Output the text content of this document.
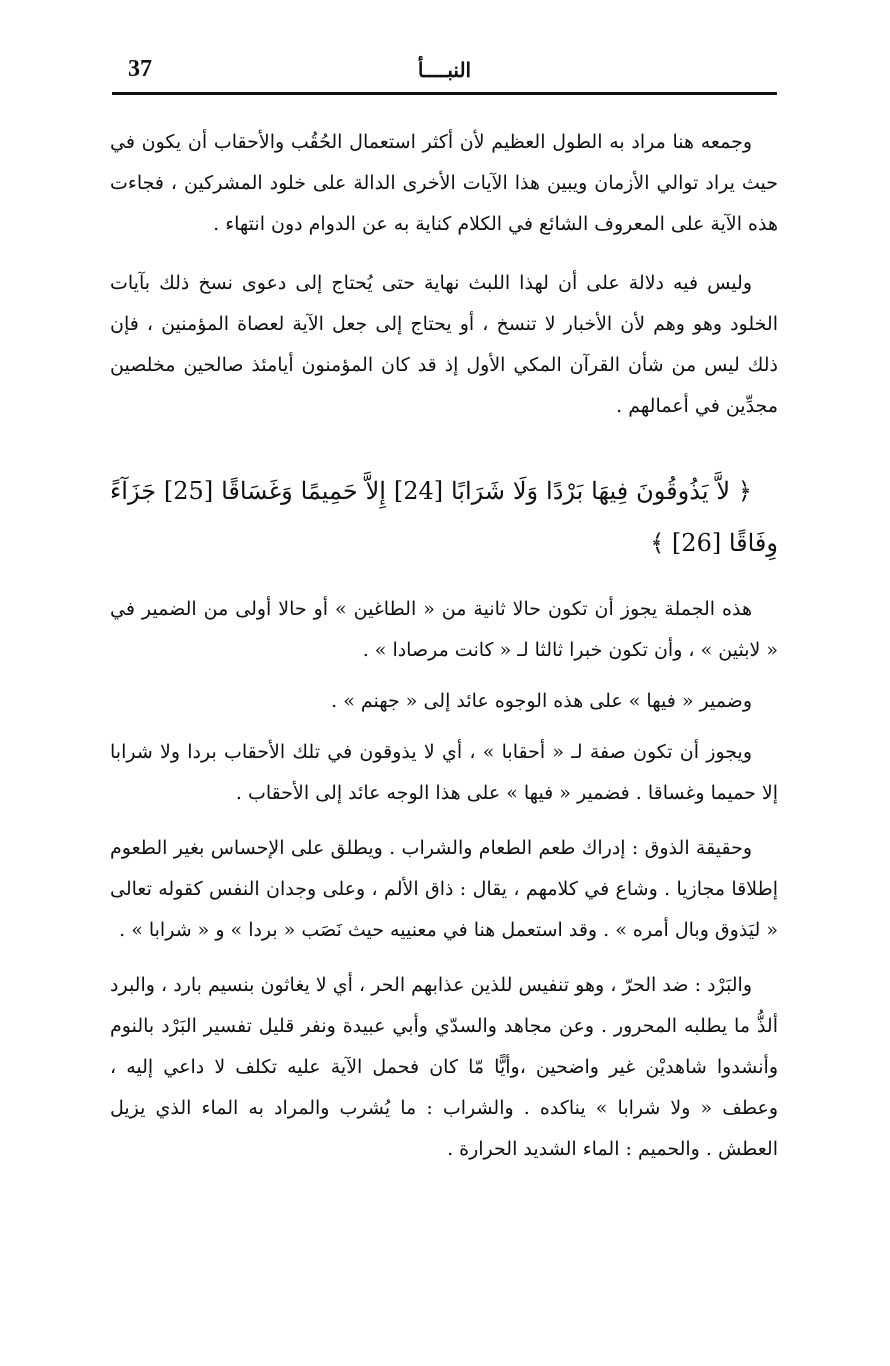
37	النبــــأ

وجمعه هنا مراد به الطول العظيم لأن أكثر استعمال الحُقُب والأحقاب أن يكون في حيث يراد توالي الأزمان ويبين هذا الآيات الأخرى الدالة على خلود المشركين ، فجاءت هذه الآية على المعروف الشائع في الكلام كناية به عن الدوام دون انتهاء .

وليس فيه دلالة على أن لهذا اللبث نهاية حتى يُحتاج إلى دعوى نسخ ذلك بآيات الخلود وهو وهم لأن الأخبار لا تنسخ ، أو يحتاج إلى جعل الآية لعصاة المؤمنين ، فإن ذلك ليس من شأن القرآن المكي الأول إذ قد كان المؤمنون أيامئذ صالحين مخلصين مجدِّين في أعمالهم .

﴿ لاَّ يَذُوقُونَ فِيهَا بَرْدًا وَلَا شَرَابًا [24] إِلاَّ حَمِيمًا وَغَسَاقًا [25] جَزَآءً وِفَاقًا [26] ﴾

هذه الجملة يجوز أن تكون حالا ثانية من « الطاغين » أو حالا أولى من الضمير في « لابثين » ، وأن تكون خبرا ثالثا لـ « كانت مرصادا » .

وضمير « فيها » على هذه الوجوه عائد إلى « جهنم » .

ويجوز أن تكون صفة لـ « أحقابا » ، أي لا يذوقون في تلك الأحقاب بردا ولا شرابا إلا حميما وغساقا . فضمير « فيها » على هذا الوجه عائد إلى الأحقاب .

وحقيقة الذوق : إدراك طعم الطعام والشراب . ويطلق على الإحساس بغير الطعوم إطلاقا مجازيا . وشاع في كلامهم ، يقال : ذاق الألم ، وعلى وجدان النفس كقوله تعالى « ليَذوق وبال أمره » . وقد استعمل هنا في معنييه حيث نَصَب « بردا » و « شرابا » .

والبَرْد : ضد الحرّ ، وهو تنفيس للذين عذابهم الحر ، أي لا يغاثون بنسيم بارد ، والبرد ألذُّ ما يطلبه المحرور . وعن مجاهد والسدّي وأبي عبيدة ونفر قليل تفسير البَرْد بالنوم وأنشدوا شاهديْن غير واضحين ،وأيًّا مّا كان فحمل الآية عليه تكلف لا داعي إليه ، وعطف « ولا شرابا » يناكده . والشراب : ما يُشرب والمراد به الماء الذي يزيل العطش . والحميم : الماء الشديد الحرارة .
